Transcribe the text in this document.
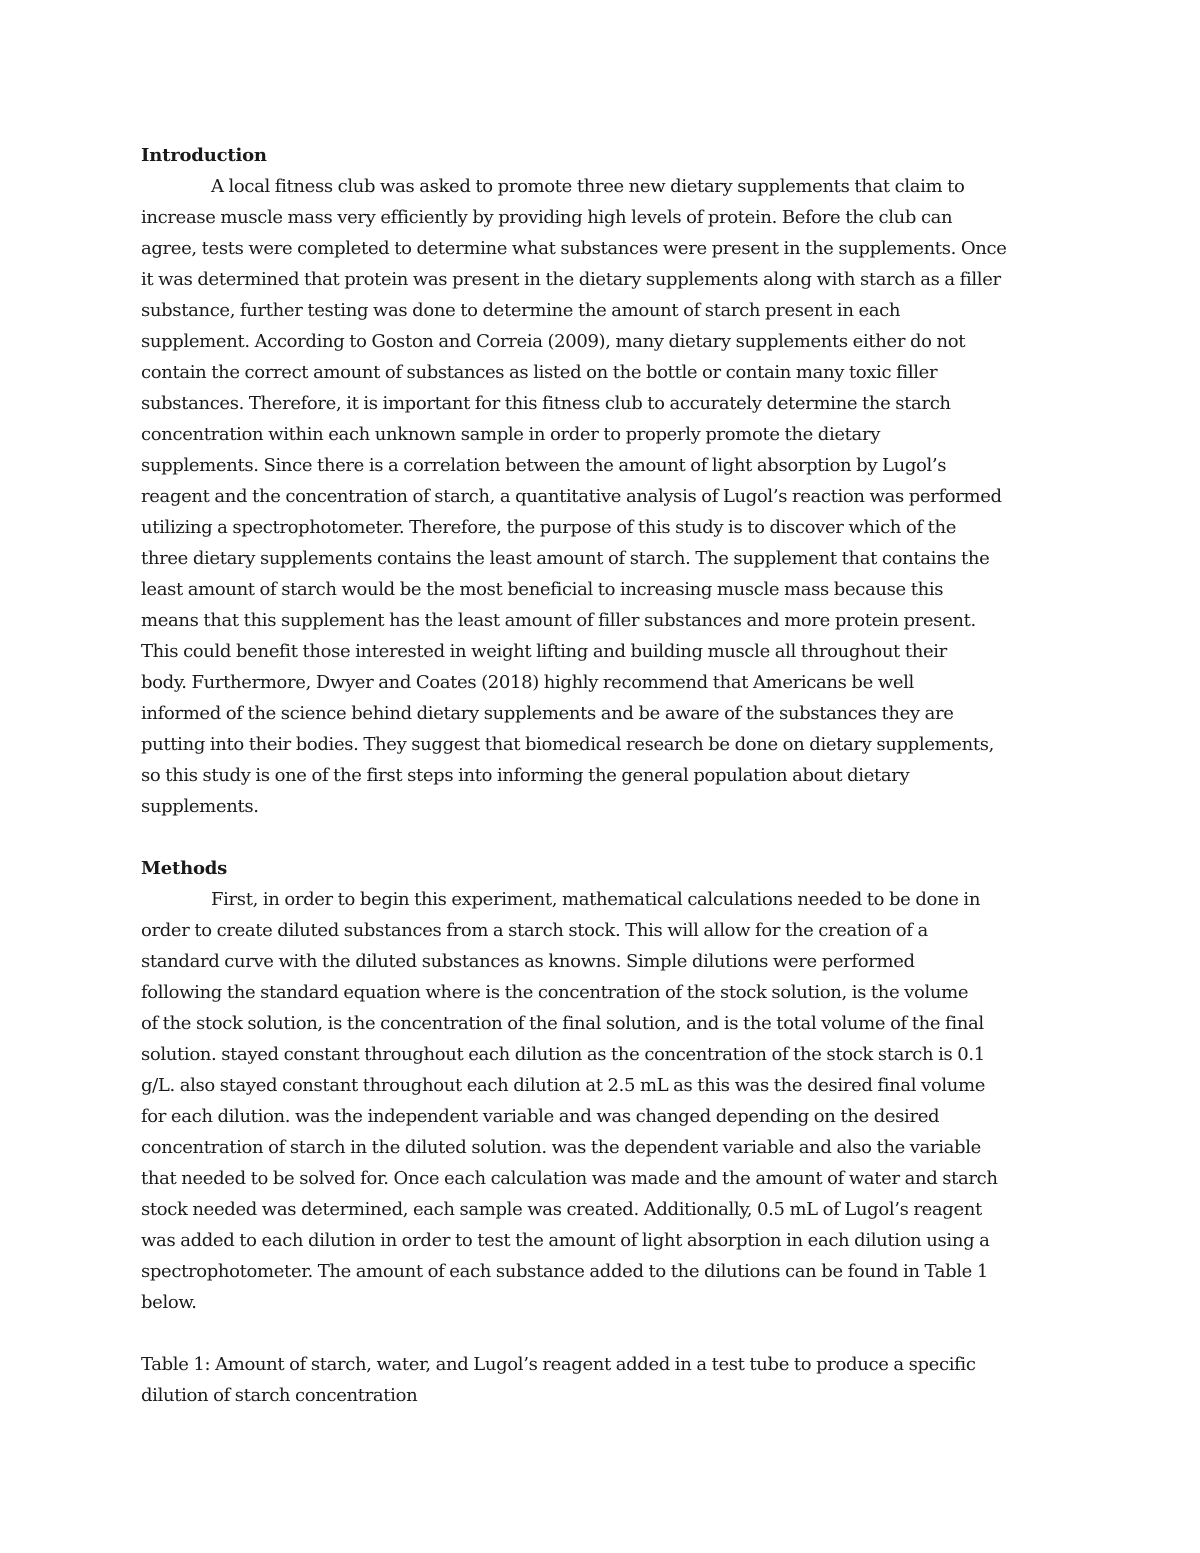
Introduction

A local fitness club was asked to promote three new dietary supplements that claim to
increase muscle mass very efficiently by providing high levels of protein. Before the club can
agree, tests were completed to determine what substances were present in the supplements. Once
it was determined that protein was present in the dietary supplements along with starch as a filler
substance, further testing was done to determine the amount of starch present in each
supplement. According to Goston and Correia (2009), many dietary supplements either do not
contain the correct amount of substances as listed on the bottle or contain many toxic filler
substances. Therefore, it is important for this fitness club to accurately determine the starch
concentration within each unknown sample in order to properly promote the dietary
supplements. Since there is a correlation between the amount of light absorption by Lugol’s
reagent and the concentration of starch, a quantitative analysis of Lugol’s reaction was performed
utilizing a spectrophotometer. Therefore, the purpose of this study is to discover which of the
three dietary supplements contains the least amount of starch. The supplement that contains the
least amount of starch would be the most beneficial to increasing muscle mass because this
means that this supplement has the least amount of filler substances and more protein present.
This could benefit those interested in weight lifting and building muscle all throughout their
body. Furthermore, Dwyer and Coates (2018) highly recommend that Americans be well
informed of the science behind dietary supplements and be aware of the substances they are
putting into their bodies. They suggest that biomedical research be done on dietary supplements,
so this study is one of the first steps into informing the general population about dietary
supplements.

Methods

First, in order to begin this experiment, mathematical calculations needed to be done in
order to create diluted substances from a starch stock. This will allow for the creation of a
standard curve with the diluted substances as knowns. Simple dilutions were performed
following the standard equation where is the concentration of the stock solution, is the volume
of the stock solution, is the concentration of the final solution, and is the total volume of the final
solution. stayed constant throughout each dilution as the concentration of the stock starch is 0.1
g/L. also stayed constant throughout each dilution at 2.5 mL as this was the desired final volume
for each dilution. was the independent variable and was changed depending on the desired
concentration of starch in the diluted solution. was the dependent variable and also the variable
that needed to be solved for. Once each calculation was made and the amount of water and starch
stock needed was determined, each sample was created. Additionally, 0.5 mL of Lugol’s reagent
was added to each dilution in order to test the amount of light absorption in each dilution using a
spectrophotometer. The amount of each substance added to the dilutions can be found in Table 1
below.

Table 1: Amount of starch, water, and Lugol’s reagent added in a test tube to produce a specific
dilution of starch concentration
